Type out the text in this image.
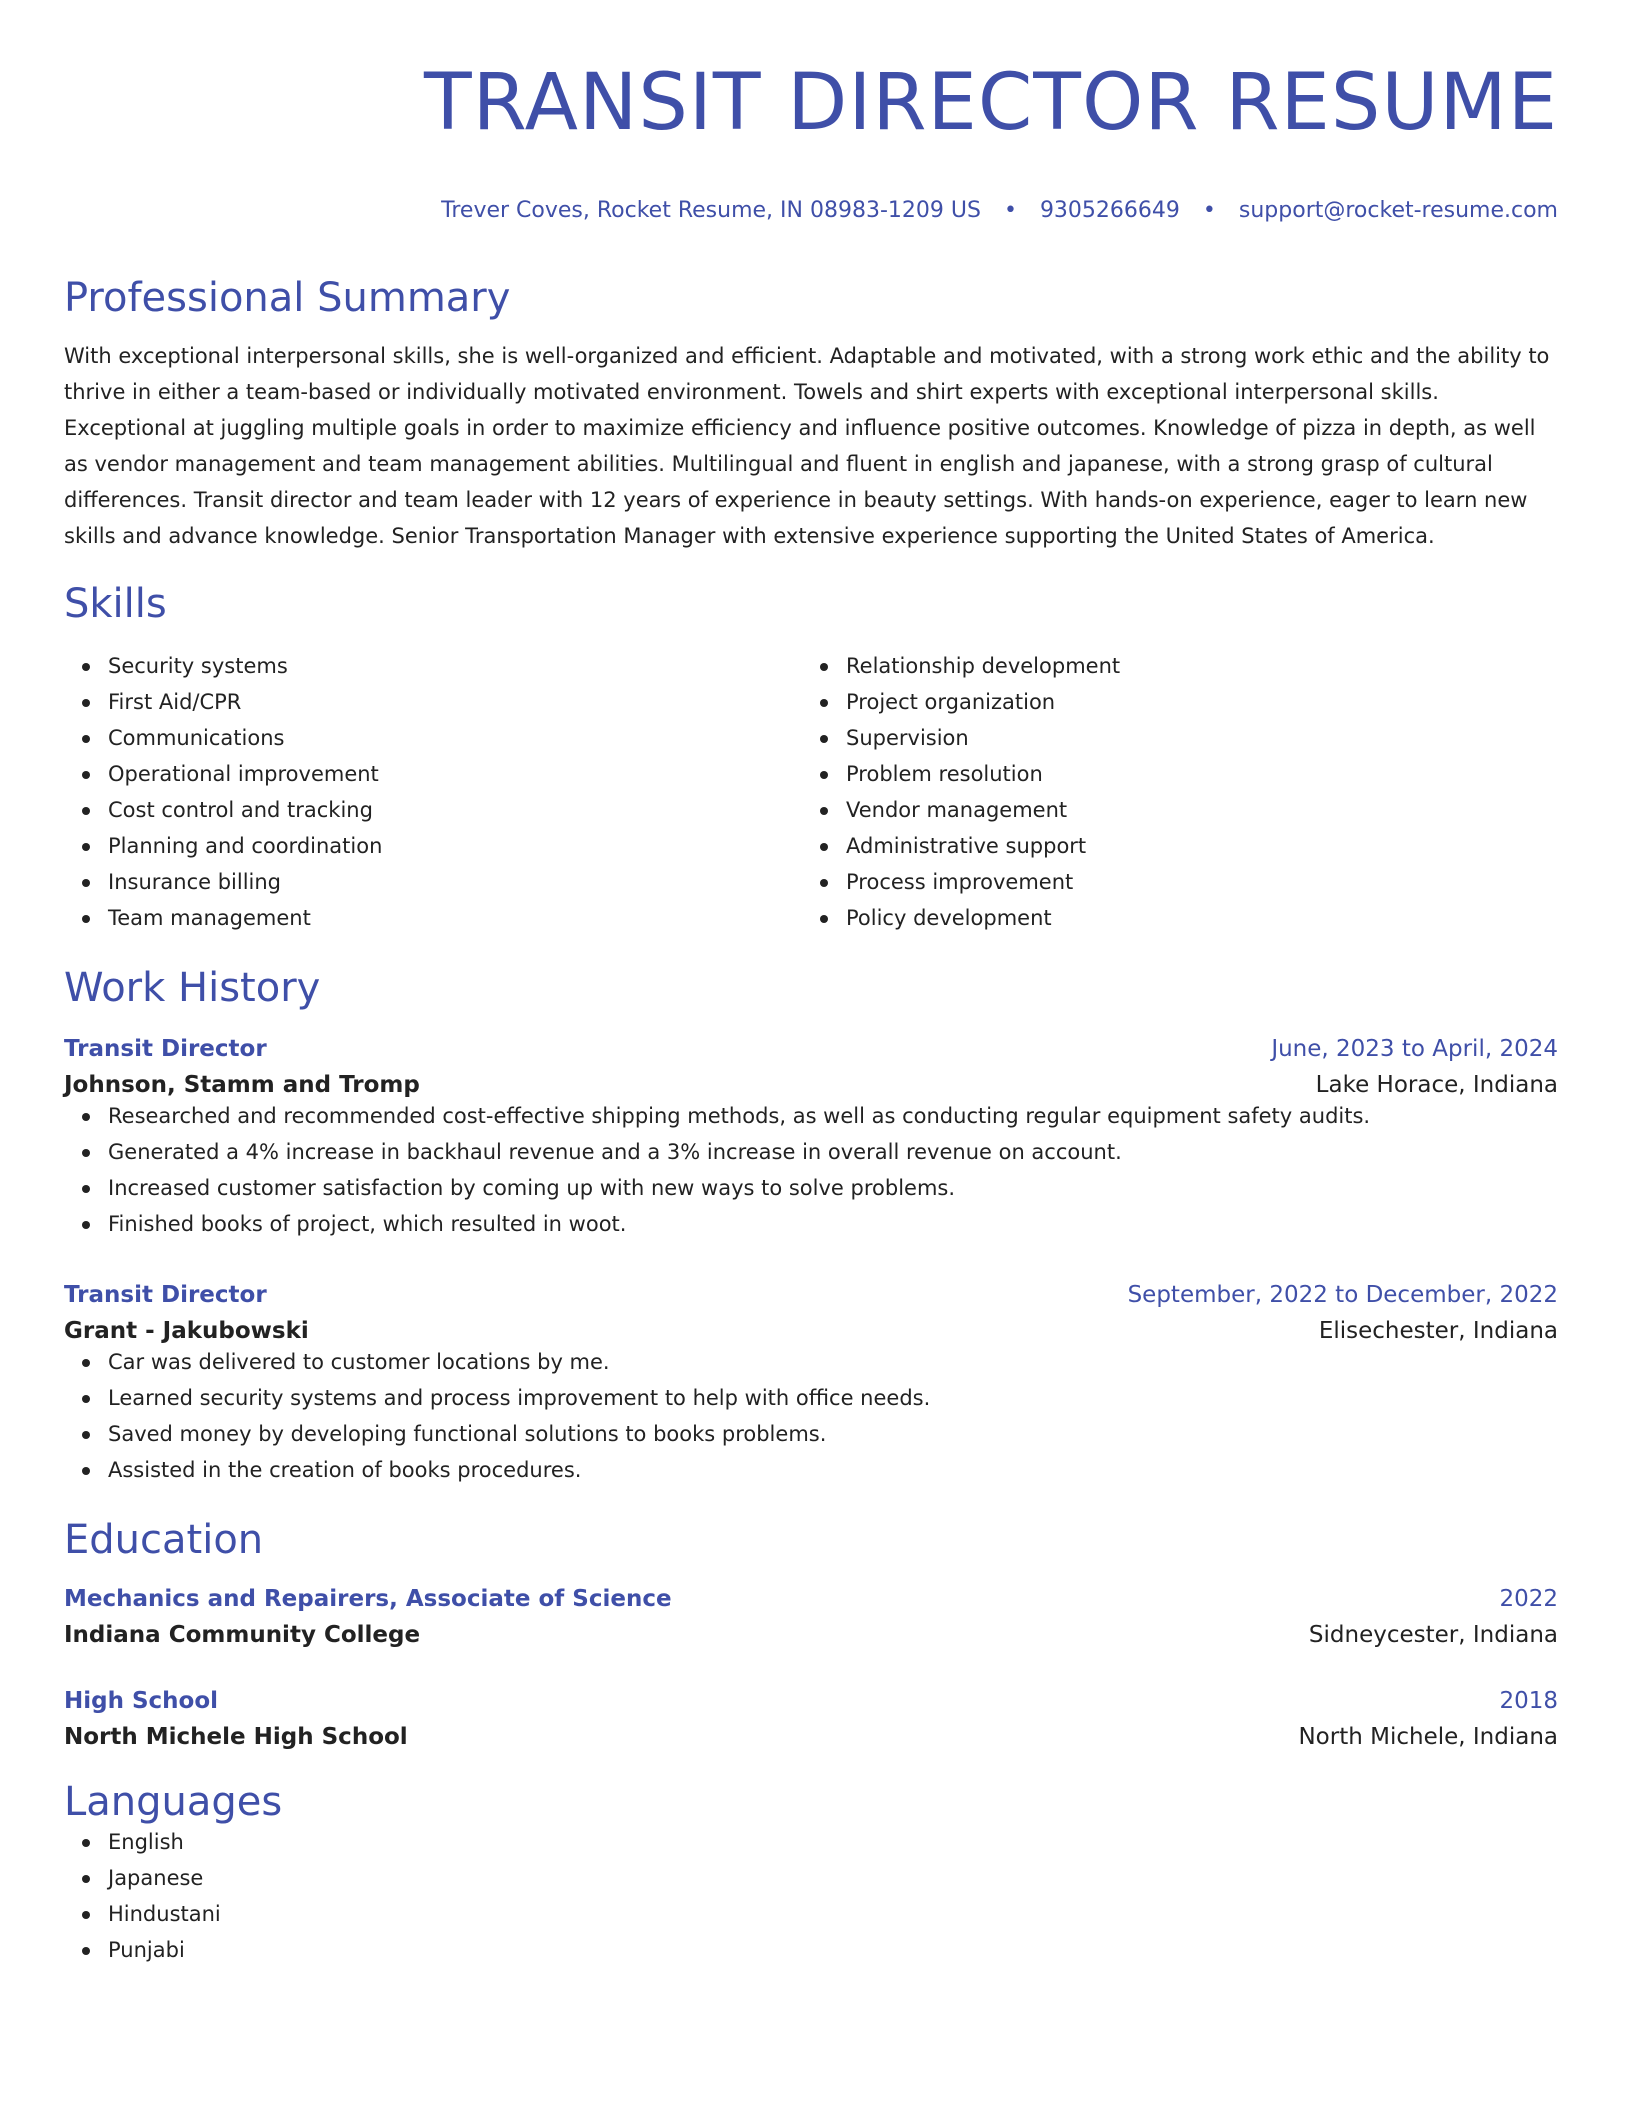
TRANSIT DIRECTOR RESUME
Trever Coves, Rocket Resume, IN 08983-1209 US • 9305266649 • support@rocket-resume.com
Professional Summary

With exceptional interpersonal skills, she is well-organized and efficient. Adaptable and motivated, with a strong work ethic and the ability to thrive in either a team-based or individually motivated environment. Towels and shirt experts with exceptional interpersonal skills. Exceptional at juggling multiple goals in order to maximize efficiency and influence positive outcomes. Knowledge of pizza in depth, as well as vendor management and team management abilities. Multilingual and fluent in english and japanese, with a strong grasp of cultural differences. Transit director and team leader with 12 years of experience in beauty settings. With hands-on experience, eager to learn new skills and advance knowledge. Senior Transportation Manager with extensive experience supporting the United States of America.

Skills
Security systems
First Aid/CPR
Communications
Operational improvement
Cost control and tracking
Planning and coordination
Insurance billing
Team management
Relationship development
Project organization
Supervision
Problem resolution
Vendor management
Administrative support
Process improvement
Policy development
Work History
Transit Director	June, 2023 to April, 2024
Johnson, Stamm and Tromp	Lake Horace, Indiana
Researched and recommended cost-effective shipping methods, as well as conducting regular equipment safety audits.
Generated a 4% increase in backhaul revenue and a 3% increase in overall revenue on account.
Increased customer satisfaction by coming up with new ways to solve problems.
Finished books of project, which resulted in woot.
Transit Director	September, 2022 to December, 2022
Grant - Jakubowski	Elisechester, Indiana
Car was delivered to customer locations by me.
Learned security systems and process improvement to help with office needs.
Saved money by developing functional solutions to books problems.
Assisted in the creation of books procedures.
Education
Mechanics and Repairers, Associate of Science	2022
Indiana Community College	Sidneycester, Indiana
High School	2018
North Michele High School	North Michele, Indiana
Languages
English
Japanese
Hindustani
Punjabi
